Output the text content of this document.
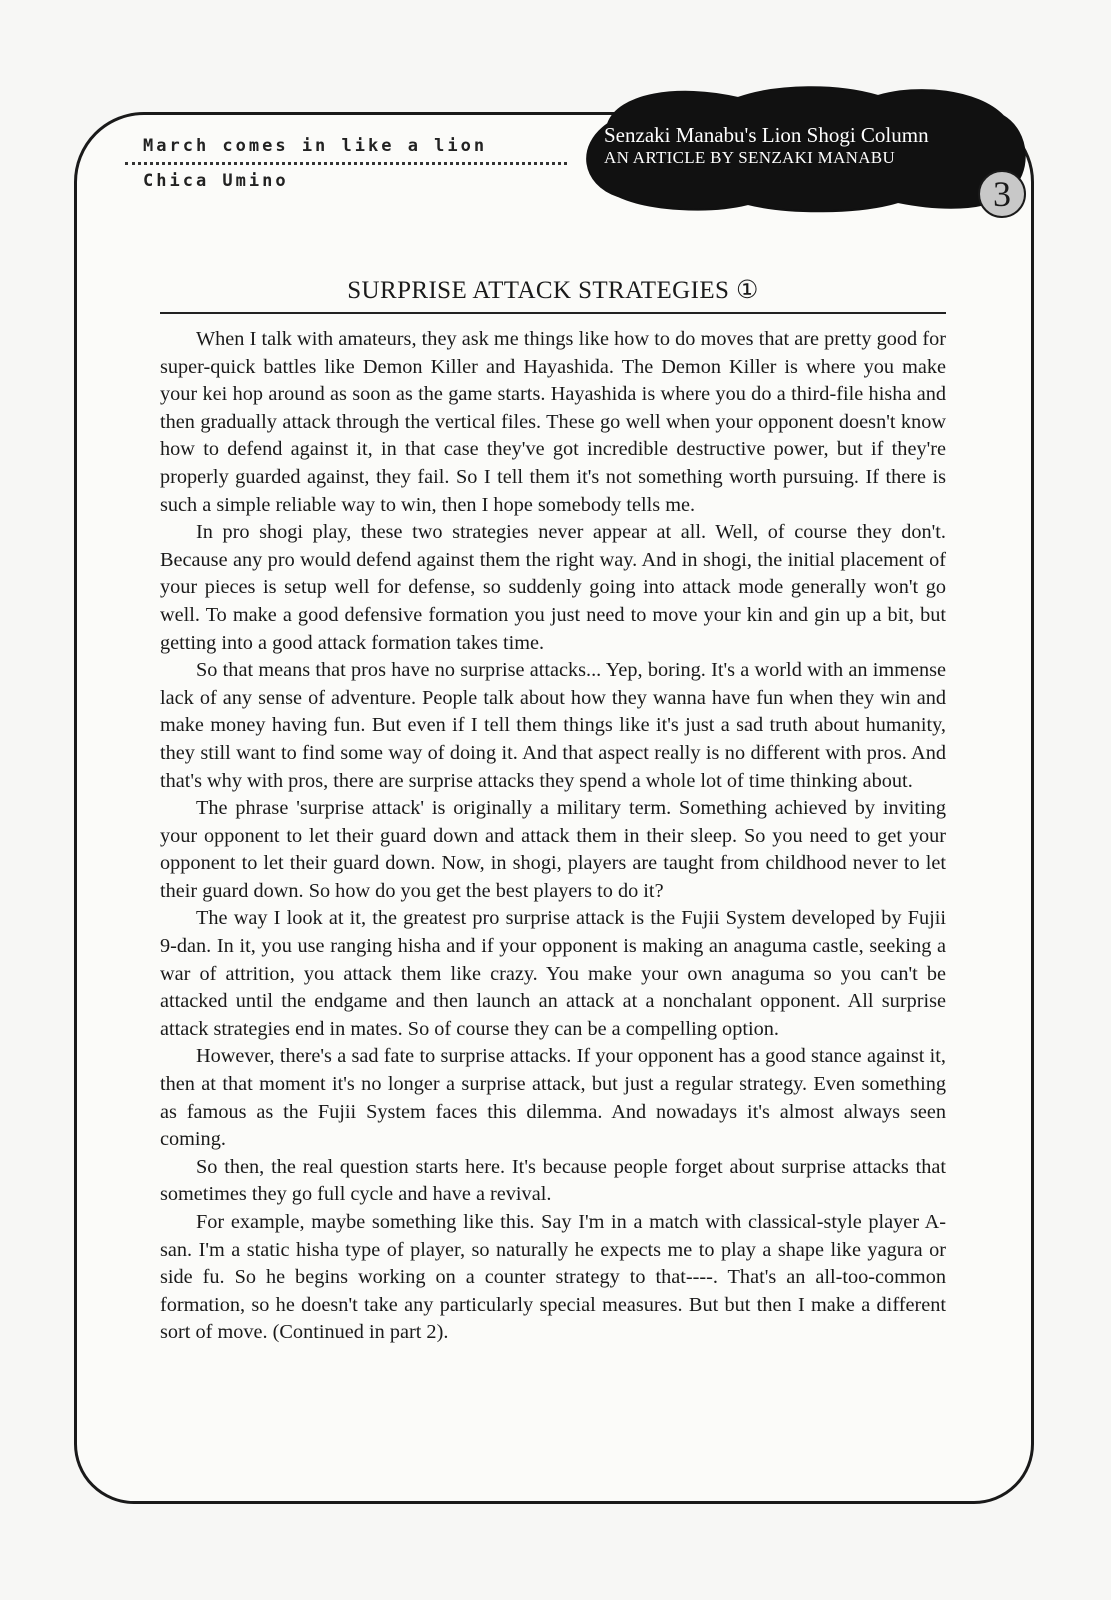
March comes in like a lion
Chica Umino
Senzaki Manabu's Lion Shogi Column
AN ARTICLE BY SENZAKI MANABU
3
SURPRISE ATTACK STRATEGIES ①

When I talk with amateurs, they ask me things like how to do moves that are pretty good for super-quick battles like Demon Killer and Hayashida. The Demon Killer is where you make your kei hop around as soon as the game starts. Hayashida is where you do a third-file hisha and then gradually attack through the vertical files. These go well when your opponent doesn't know how to defend against it, in that case they've got incredible destructive power, but if they're properly guarded against, they fail. So I tell them it's not something worth pursuing. If there is such a simple reliable way to win, then I hope somebody tells me.

In pro shogi play, these two strategies never appear at all. Well, of course they don't. Because any pro would defend against them the right way. And in shogi, the initial placement of your pieces is setup well for defense, so suddenly going into attack mode generally won't go well. To make a good defensive formation you just need to move your kin and gin up a bit, but getting into a good attack formation takes time.

So that means that pros have no surprise attacks... Yep, boring. It's a world with an immense lack of any sense of adventure. People talk about how they wanna have fun when they win and make money having fun. But even if I tell them things like it's just a sad truth about humanity, they still want to find some way of doing it. And that aspect really is no different with pros. And that's why with pros, there are surprise attacks they spend a whole lot of time thinking about.

The phrase 'surprise attack' is originally a military term. Something achieved by inviting your opponent to let their guard down and attack them in their sleep. So you need to get your opponent to let their guard down. Now, in shogi, players are taught from childhood never to let their guard down. So how do you get the best players to do it?

The way I look at it, the greatest pro surprise attack is the Fujii System developed by Fujii 9-dan. In it, you use ranging hisha and if your opponent is making an anaguma castle, seeking a war of attrition, you attack them like crazy. You make your own anaguma so you can't be attacked until the endgame and then launch an attack at a nonchalant opponent. All surprise attack strategies end in mates. So of course they can be a compelling option.

However, there's a sad fate to surprise attacks. If your opponent has a good stance against it, then at that moment it's no longer a surprise attack, but just a regular strategy. Even something as famous as the Fujii System faces this dilemma. And nowadays it's almost always seen coming.

So then, the real question starts here. It's because people forget about surprise attacks that sometimes they go full cycle and have a revival.

For example, maybe something like this. Say I'm in a match with classical-style player A-san. I'm a static hisha type of player, so naturally he expects me to play a shape like yagura or side fu. So he begins working on a counter strategy to that----. That's an all-too-common formation, so he doesn't take any particularly special measures. But but then I make a different sort of move. (Continued in part 2).
